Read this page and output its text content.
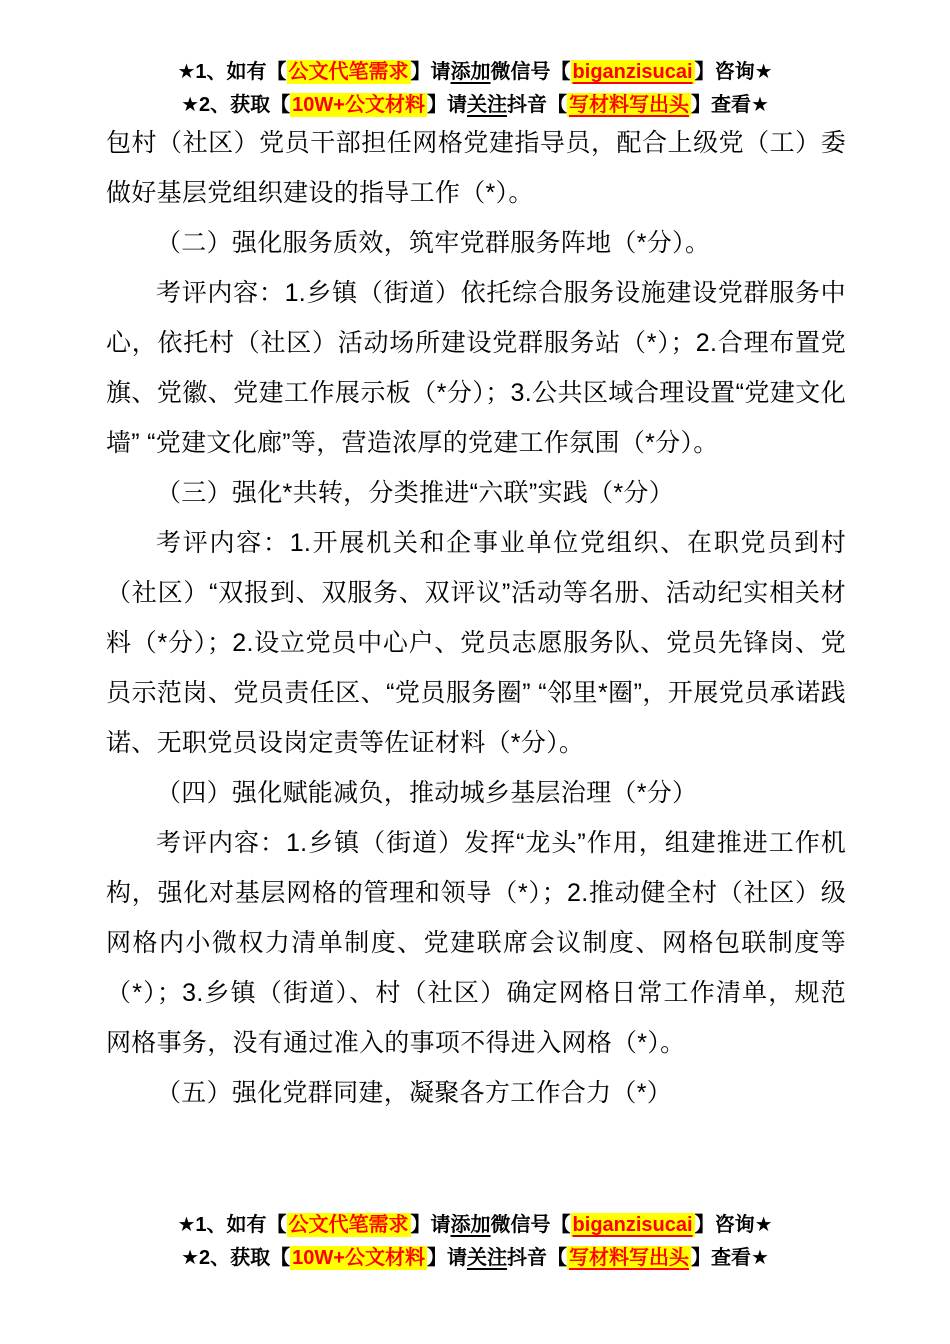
★1、如有【 公文代笔需求 】请添加微信号【 biganzisucai 】咨询★
★2、获取【 10W+公文材料 】请关注抖音【 写材料写出头 】查看★

包村（社区）党员干部担任网格党建指导员，配合上级党（工）委做好基层党组织建设的指导工作（*）。

（二）强化服务质效，筑牢党群服务阵地（*分）。

考评内容：1.乡镇（街道）依托综合服务设施建设党群服务中心，依托村（社区）活动场所建设党群服务站（*）；2.合理布置党旗、党徽、党建工作展示板（*分）；3.公共区域合理设置“党建文化墙” “党建文化廊”等，营造浓厚的党建工作氛围（*分）。

（三）强化*共转，分类推进“六联”实践（*分）

考评内容：1.开展机关和企事业单位党组织、在职党员到村（社区）“双报到、双服务、双评议”活动等名册、活动纪实相关材料（*分）；2.设立党员中心户、党员志愿服务队、党员先锋岗、党员示范岗、党员责任区、“党员服务圈” “邻里*圈”，开展党员承诺践诺、无职党员设岗定责等佐证材料（*分）。

（四）强化赋能减负，推动城乡基层治理（*分）

考评内容：1.乡镇（街道）发挥“龙头”作用，组建推进工作机构，强化对基层网格的管理和领导（*）；2.推动健全村（社区）级网格内小微权力清单制度、党建联席会议制度、网格包联制度等（*）；3.乡镇（街道）、村（社区）确定网格日常工作清单，规范网格事务，没有通过准入的事项不得进入网格（*）。

（五）强化党群同建，凝聚各方工作合力（*）

★1、如有【 公文代笔需求 】请添加微信号【 biganzisucai 】咨询★
★2、获取【 10W+公文材料 】请关注抖音【 写材料写出头 】查看★
